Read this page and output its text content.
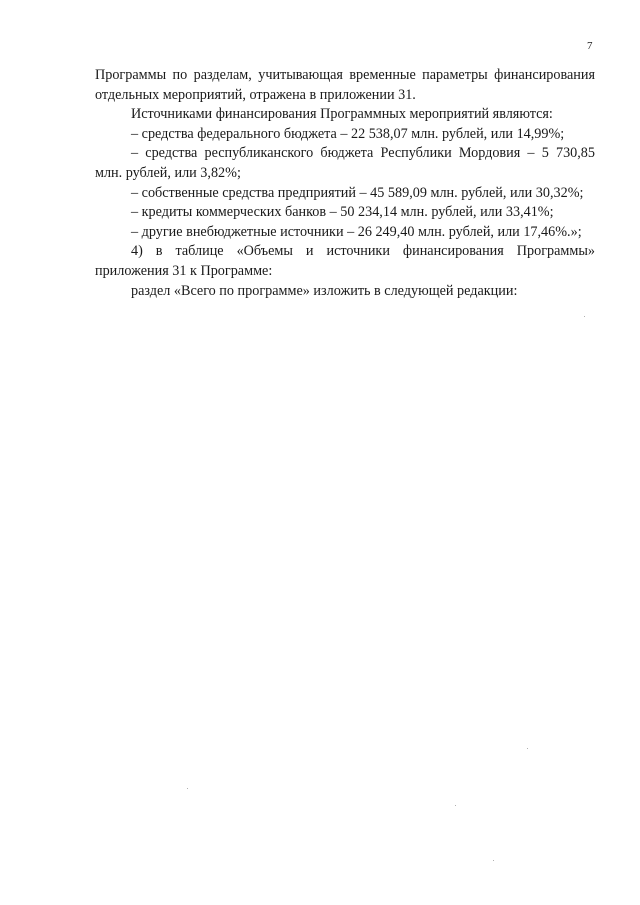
7

Программы по разделам, учитывающая временные параметры финансирования отдельных мероприятий, отражена в приложении 31.

Источниками финансирования Программных мероприятий являются:

– средства федерального бюджета – 22 538,07 млн. рублей, или 14,99%;

– средства республиканского бюджета Республики Мордовия – 5 730,85 млн. рублей, или 3,82%;

– собственные средства предприятий – 45 589,09 млн. рублей, или 30,32%;

– кредиты коммерческих банков – 50 234,14 млн. рублей, или 33,41%;

– другие внебюджетные источники – 26 249,40 млн. рублей, или 17,46%.»;

4) в таблице «Объемы и источники финансирования Программы» приложения 31 к Программе:

раздел «Всего по программе» изложить в следующей редакции:
